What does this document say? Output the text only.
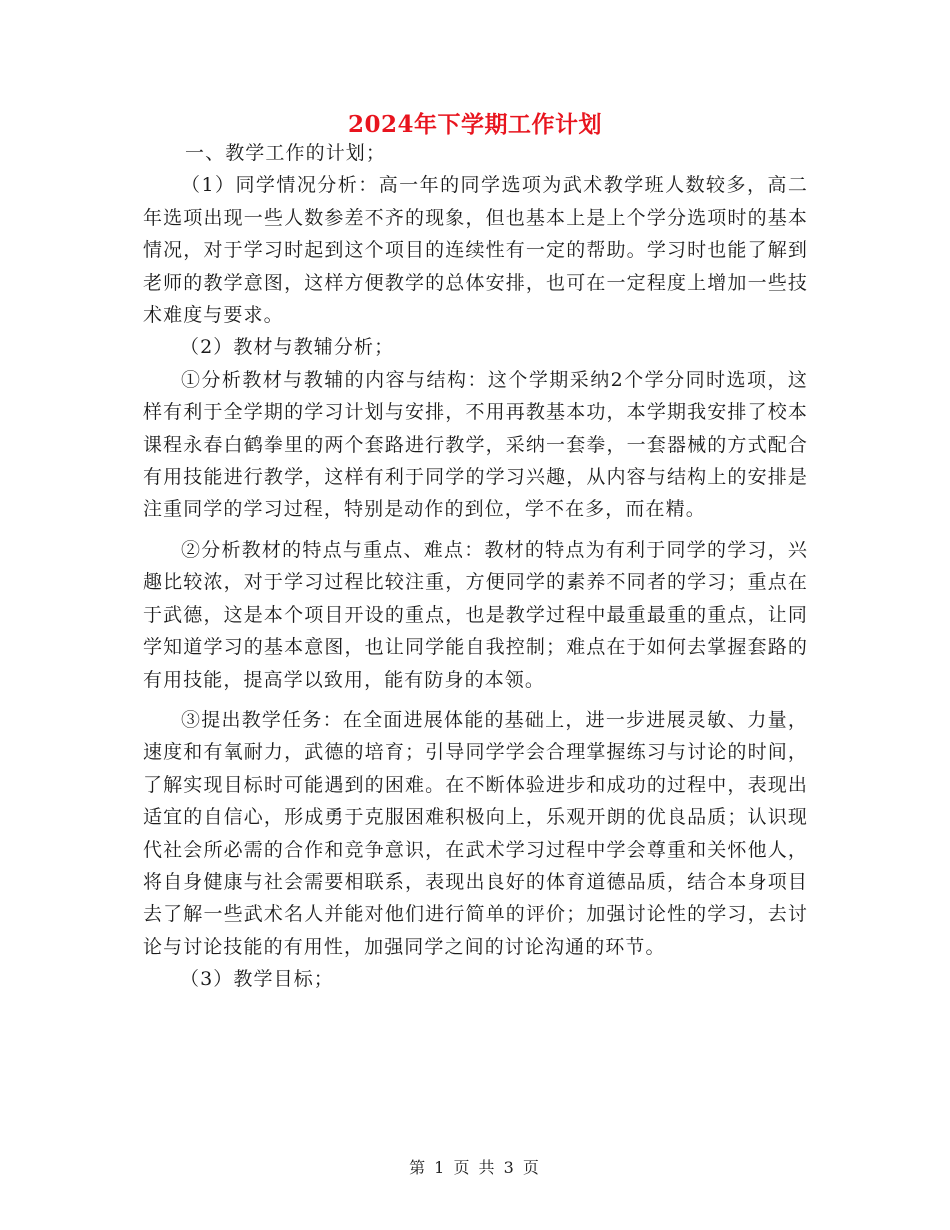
2024年下学期工作计划

一、教学工作的计划；

（1）同学情况分析：高一年的同学选项为武术教学班人数较多，高二年选项出现一些人数参差不齐的现象，但也基本上是上个学分选项时的基本情况，对于学习时起到这个项目的连续性有一定的帮助。学习时也能了解到老师的教学意图，这样方便教学的总体安排，也可在一定程度上增加一些技术难度与要求。

（2）教材与教辅分析；

①分析教材与教辅的内容与结构：这个学期采纳2个学分同时选项，这样有利于全学期的学习计划与安排，不用再教基本功，本学期我安排了校本课程永春白鹤拳里的两个套路进行教学，采纳一套拳，一套器械的方式配合有用技能进行教学，这样有利于同学的学习兴趣，从内容与结构上的安排是注重同学的学习过程，特别是动作的到位，学不在多，而在精。

②分析教材的特点与重点、难点：教材的特点为有利于同学的学习，兴趣比较浓，对于学习过程比较注重，方便同学的素养不同者的学习；重点在于武德，这是本个项目开设的重点，也是教学过程中最重最重的重点，让同学知道学习的基本意图，也让同学能自我控制；难点在于如何去掌握套路的有用技能，提高学以致用，能有防身的本领。

③提出教学任务：在全面进展体能的基础上，进一步进展灵敏、力量，速度和有氧耐力，武德的培育；引导同学学会合理掌握练习与讨论的时间，了解实现目标时可能遇到的困难。在不断体验进步和成功的过程中，表现出适宜的自信心，形成勇于克服困难积极向上，乐观开朗的优良品质；认识现代社会所必需的合作和竞争意识，在武术学习过程中学会尊重和关怀他人，将自身健康与社会需要相联系，表现出良好的体育道德品质，结合本身项目去了解一些武术名人并能对他们进行简单的评价；加强讨论性的学习，去讨论与讨论技能的有用性，加强同学之间的讨论沟通的环节。

（3）教学目标；

第 1 页 共 3 页
